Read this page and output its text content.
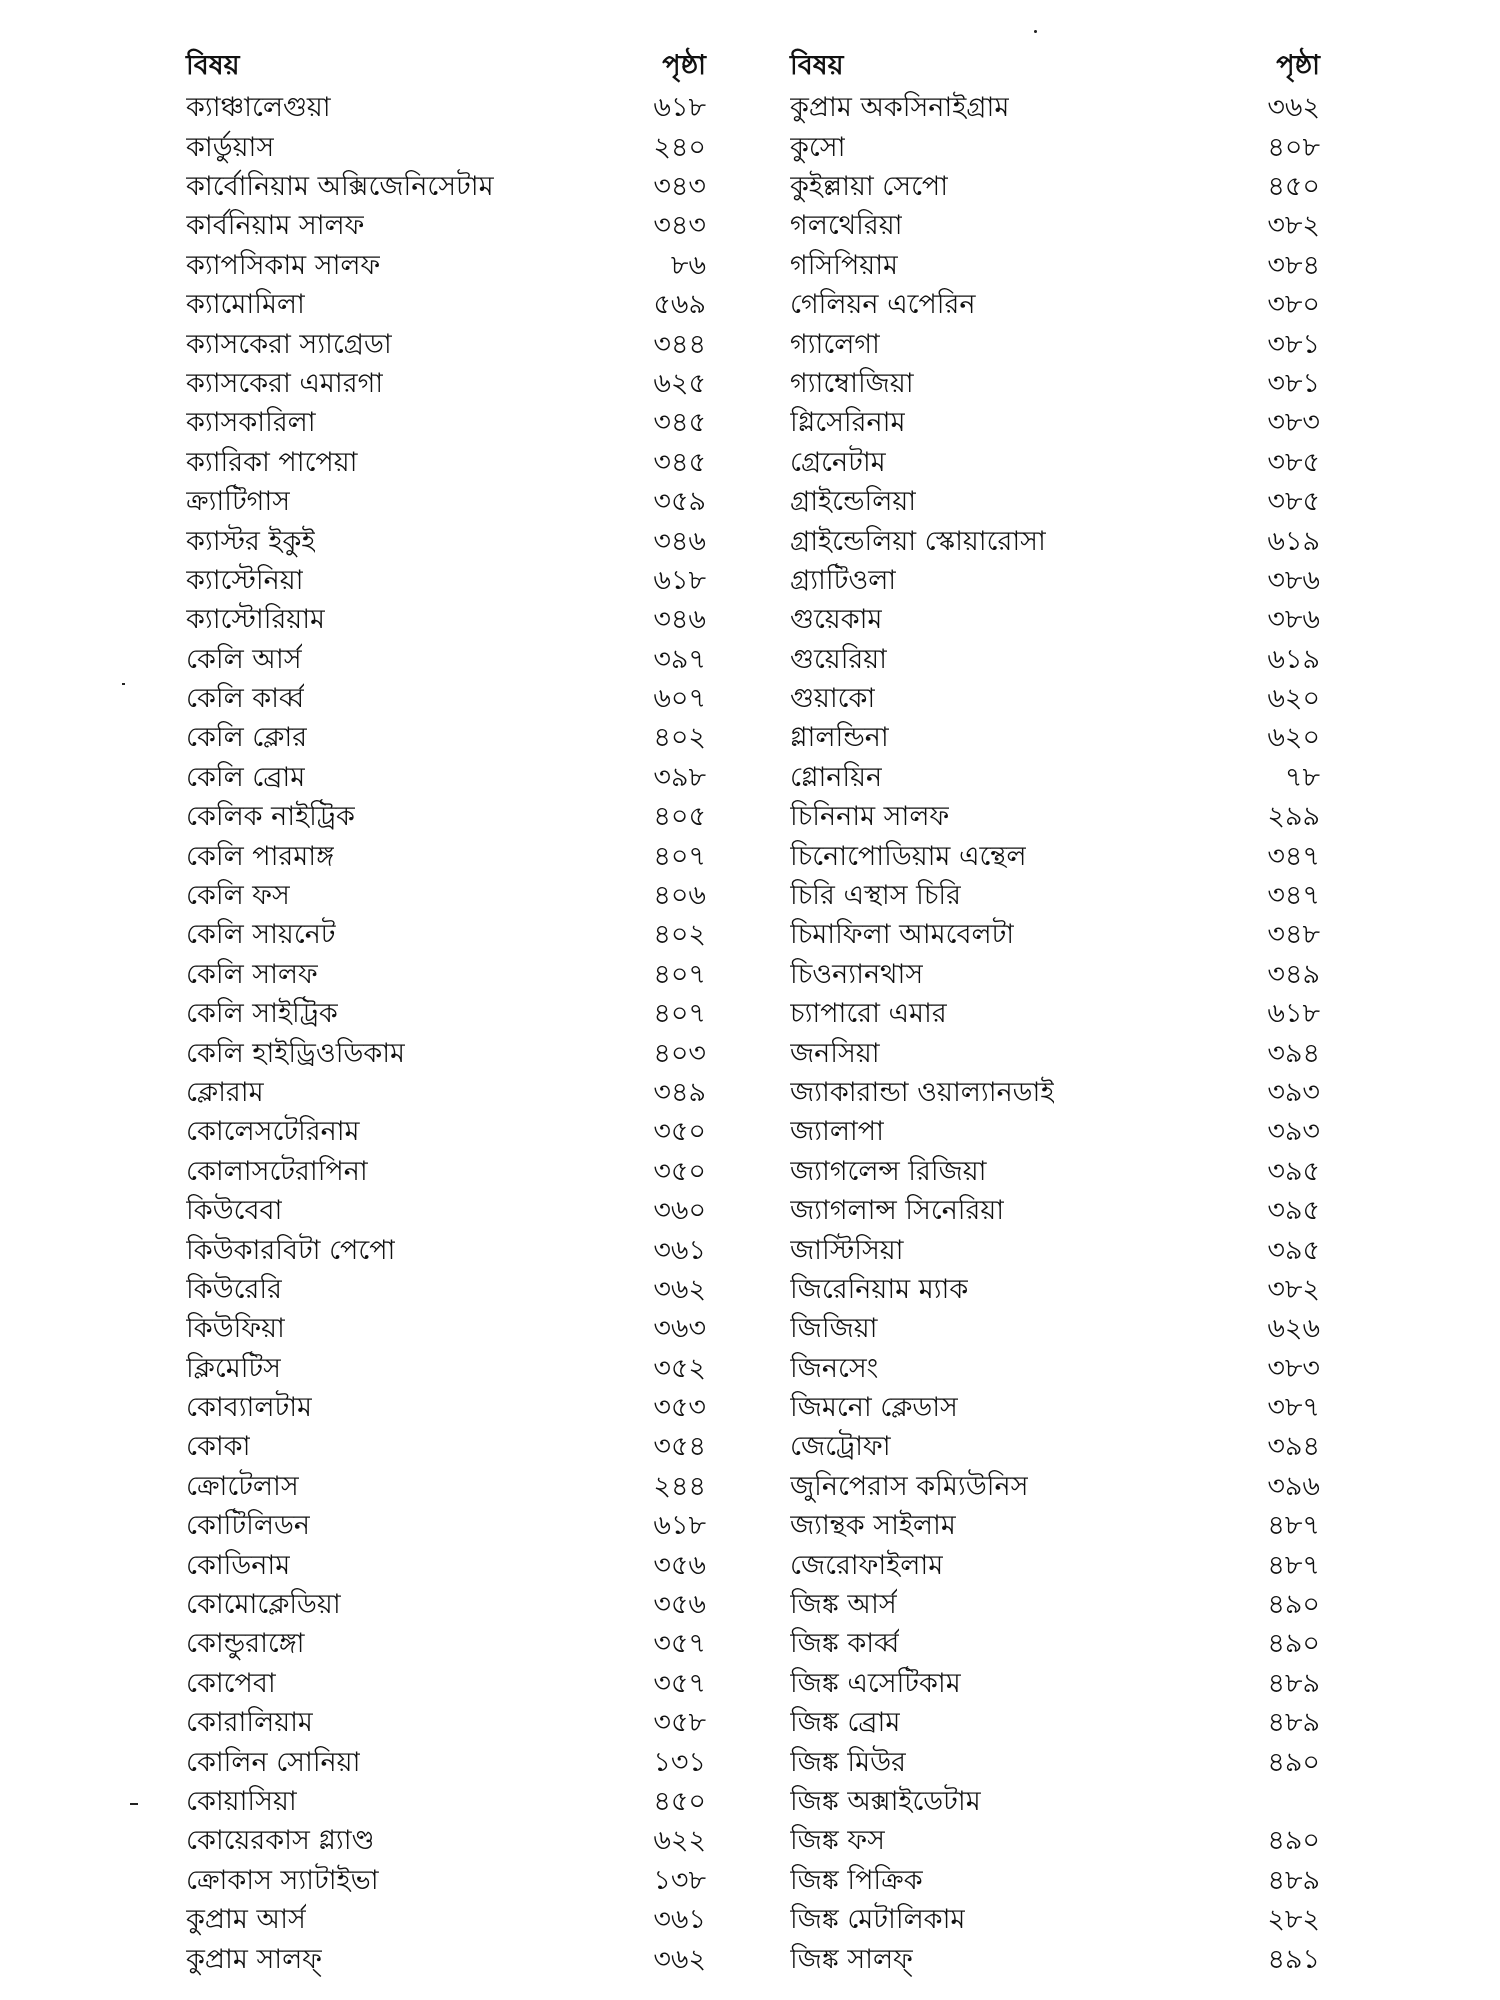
বিষয়	পৃষ্ঠা
ক্যাঞ্চালেগুয়া	৬১৮
কার্ডুয়াস	২৪০
কার্বোনিয়াম অক্সিজেনিসেটাম	৩৪৩
কার্বনিয়াম সালফ	৩৪৩
ক্যাপসিকাম সালফ	৮৬
ক্যামোমিলা	৫৬৯
ক্যাসকেরা স্যাগ্রেডা	৩৪৪
ক্যাসকেরা এমারগা	৬২৫
ক্যাসকারিলা	৩৪৫
ক্যারিকা পাপেয়া	৩৪৫
ক্র্যাটিগাস	৩৫৯
ক্যাস্টর ইকুই	৩৪৬
ক্যাস্টেনিয়া	৬১৮
ক্যাস্টোরিয়াম	৩৪৬
কেলি আর্স	৩৯৭
কেলি কার্ব্ব	৬০৭
কেলি ক্লোর	৪০২
কেলি ব্রোম	৩৯৮
কেলিক নাইট্রিক	৪০৫
কেলি পারমাঙ্গ	৪০৭
কেলি ফস	৪০৬
কেলি সায়নেট	৪০২
কেলি সালফ	৪০৭
কেলি সাইট্রিক	৪০৭
কেলি হাইড্রিওডিকাম	৪০৩
ক্লোরাম	৩৪৯
কোলেসটেরিনাম	৩৫০
কোলাসটেরাপিনা	৩৫০
কিউবেবা	৩৬০
কিউকারবিটা পেপো	৩৬১
কিউরেরি	৩৬২
কিউফিয়া	৩৬৩
ক্লিমেটিস	৩৫২
কোব্যালটাম	৩৫৩
কোকা	৩৫৪
ক্রোটেলাস	২৪৪
কোটিলিডন	৬১৮
কোডিনাম	৩৫৬
কোমোক্লেডিয়া	৩৫৬
কোন্ডুরাঙ্গো	৩৫৭
কোপেবা	৩৫৭
কোরালিয়াম	৩৫৮
কোলিন সোনিয়া	১৩১
কোয়াসিয়া	৪৫০
কোয়েরকাস গ্ল্যাণ্ড	৬২২
ক্রোকাস স্যাটাইভা	১৩৮
কুপ্রাম আর্স	৩৬১
কুপ্রাম সালফ্	৩৬২
বিষয়	পৃষ্ঠা
কুপ্রাম অকসিনাইগ্রাম	৩৬২
কুসো	৪০৮
কুইল্লায়া সেপো	৪৫০
গলথেরিয়া	৩৮২
গসিপিয়াম	৩৮৪
গেলিয়ন এপেরিন	৩৮০
গ্যালেগা	৩৮১
গ্যাম্বোজিয়া	৩৮১
গ্লিসেরিনাম	৩৮৩
গ্রেনেটাম	৩৮৫
গ্রাইন্ডেলিয়া	৩৮৫
গ্রাইন্ডেলিয়া স্কোয়ারোসা	৬১৯
গ্র্যাটিওলা	৩৮৬
গুয়েকাম	৩৮৬
গুয়েরিয়া	৬১৯
গুয়াকো	৬২০
গ্লালন্ডিনা	৬২০
গ্লোনয়িন	৭৮
চিনিনাম সালফ	২৯৯
চিনোপোডিয়াম এন্থেল	৩৪৭
চিরি এস্থাস চিরি	৩৪৭
চিমাফিলা আমবেলটা	৩৪৮
চিওন্যানথাস	৩৪৯
চ্যাপারো এমার	৬১৮
জনসিয়া	৩৯৪
জ্যাকারান্ডা ওয়াল্যানডাই	৩৯৩
জ্যালাপা	৩৯৩
জ্যাগলেন্স রিজিয়া	৩৯৫
জ্যাগলান্স সিনেরিয়া	৩৯৫
জাস্টিসিয়া	৩৯৫
জিরেনিয়াম ম্যাক	৩৮২
জিজিয়া	৬২৬
জিনসেং	৩৮৩
জিমনো ক্লেডাস	৩৮৭
জেট্রোফা	৩৯৪
জুনিপেরাস কম্যিউনিস	৩৯৬
জ্যান্থক সাইলাম	৪৮৭
জেরোফাইলাম	৪৮৭
জিঙ্ক আর্স	৪৯০
জিঙ্ক কার্ব্ব	৪৯০
জিঙ্ক এসেটিকাম	৪৮৯
জিঙ্ক ব্রোম	৪৮৯
জিঙ্ক মিউর	৪৯০
জিঙ্ক অক্সাইডেটাম
জিঙ্ক ফস	৪৯০
জিঙ্ক পিক্রিক	৪৮৯
জিঙ্ক মেটালিকাম	২৮২
জিঙ্ক সালফ্	৪৯১
